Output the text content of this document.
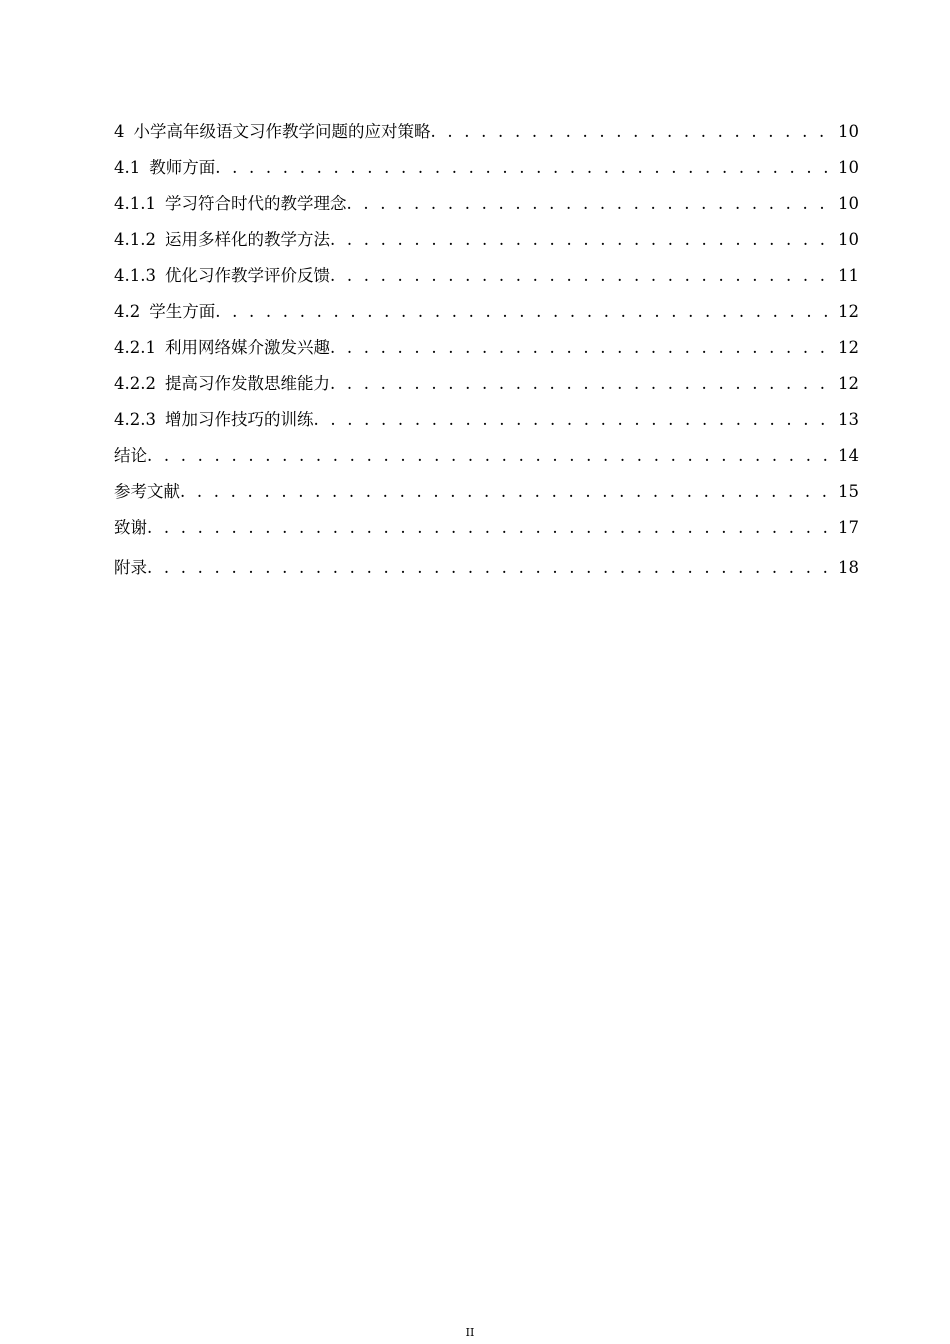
4 小学高年级语文习作教学问题的应对策略 . . .	10
4.1 教师方面 . . .	10
4.1.1 学习符合时代的教学理念 . . .	10
4.1.2 运用多样化的教学方法 . . .	10
4.1.3 优化习作教学评价反馈 . . .	11
4.2 学生方面 . . .	12
4.2.1 利用网络媒介激发兴趣 . . .	12
4.2.2 提高习作发散思维能力 . . .	12
4.2.3 增加习作技巧的训练 . . .	13
结论 . . .	14
参考文献 . . .	15
致谢 . . .	17
附录 . . .	18
II
